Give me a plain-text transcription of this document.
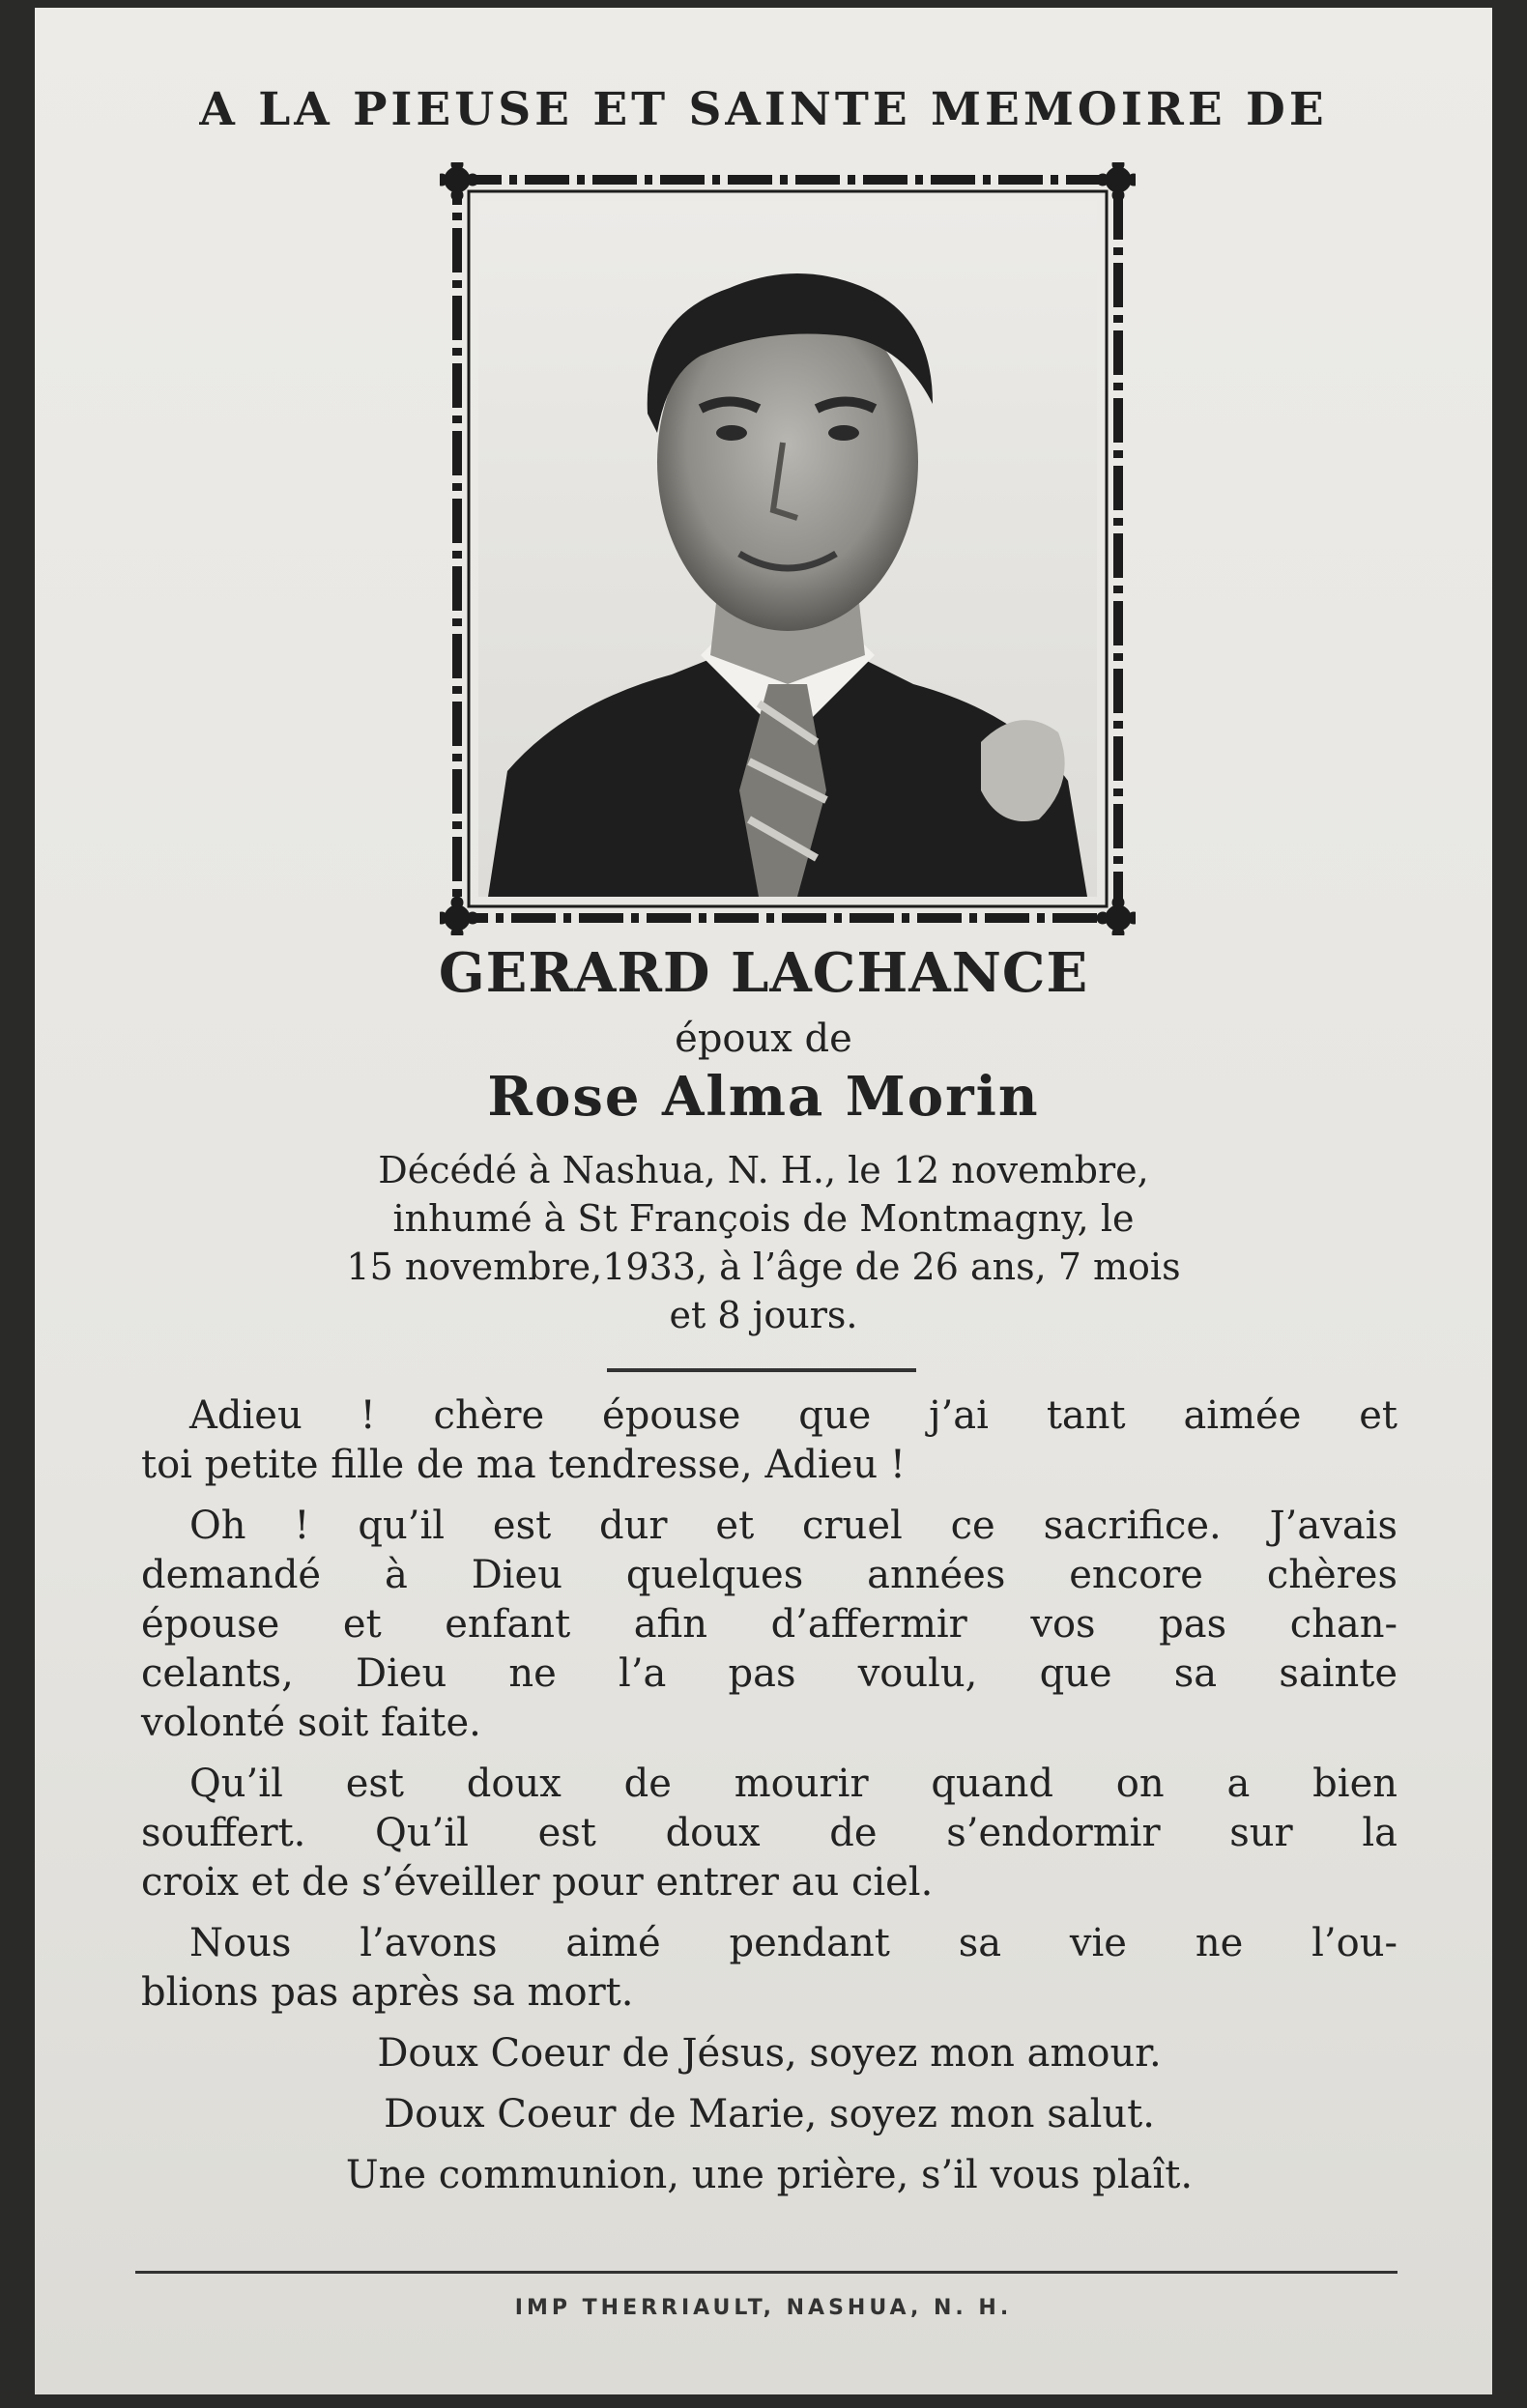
A LA PIEUSE ET SAINTE MEMOIRE DE
GERARD LACHANCE
époux de
Rose Alma Morin
Décédé à Nashua, N. H., le 12 novembre,
inhumé à St François de Montmagny, le
15 novembre,1933, à l’âge de 26 ans, 7 mois
et 8 jours.
Adieu ! chère épouse que j’ai tant aimée et
toi petite fille de ma tendresse, Adieu !
Oh ! qu’il est dur et cruel ce sacrifice. J’avais
demandé à Dieu quelques années encore chères
épouse et enfant afin d’affermir vos pas chan-
celants, Dieu ne l’a pas voulu, que sa sainte
volonté soit faite.
Qu’il est doux de mourir quand on a bien
souffert. Qu’il est doux de s’endormir sur la
croix et de s’éveiller pour entrer au ciel.
Nous l’avons aimé pendant sa vie ne l’ou-
blions pas après sa mort.
Doux Coeur de Jésus, soyez mon amour.
Doux Coeur de Marie, soyez mon salut.
Une communion, une prière, s’il vous plaît.
IMP THERRIAULT, NASHUA, N. H.
